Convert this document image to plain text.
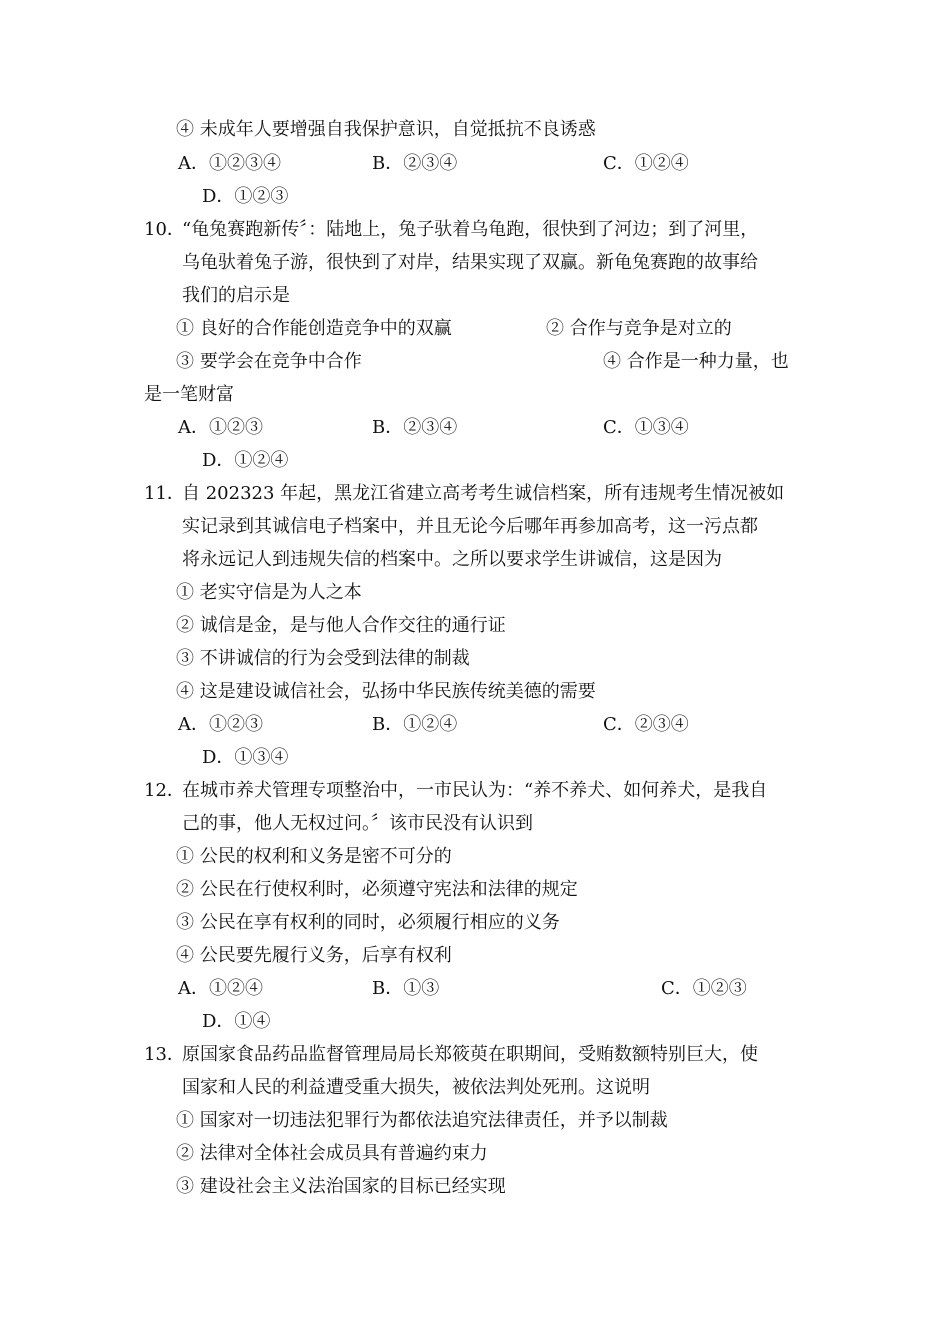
④ 未成年人要增强自我保护意识，自觉抵抗不良诱惑
A．①②③④	B．②③④	C．①②④
D．①②③
10．
“龟兔赛跑新传〞：陆地上，兔子驮着乌龟跑，很快到了河边；到了河里，
乌龟驮着兔子游，很快到了对岸，结果实现了双赢。新龟兔赛跑的故事给
我们的启示是
① 良好的合作能创造竞争中的双赢	② 合作与竞争是对立的
③ 要学会在竞争中合作	④ 合作是一种力量，也
是一笔财富
A．①②③	B．②③④	C．①③④
D．①②④
11．
自 202323 年起，黑龙江省建立高考考生诚信档案，所有违规考生情况被如
实记录到其诚信电子档案中，并且无论今后哪年再参加高考，这一污点都
将永远记人到违规失信的档案中。之所以要求学生讲诚信，这是因为
① 老实守信是为人之本
② 诚信是金，是与他人合作交往的通行证
③ 不讲诚信的行为会受到法律的制裁
④ 这是建设诚信社会，弘扬中华民族传统美德的需要
A．①②③	B．①②④	C．②③④
D．①③④
12．
在城市养犬管理专项整治中，一市民认为：“养不养犬、如何养犬，是我自
己的事，他人无权过问。〞该市民没有认识到
① 公民的权利和义务是密不可分的
② 公民在行使权利时，必须遵守宪法和法律的规定
③ 公民在享有权利的同时，必须履行相应的义务
④ 公民要先履行义务，后享有权利
A．①②④	B．①③	C．①②③
D．①④
13．
原国家食品药品监督管理局局长郑筱萸在职期间，受贿数额特别巨大，使
国家和人民的利益遭受重大损失，被依法判处死刑。这说明
① 国家对一切违法犯罪行为都依法追究法律责任，并予以制裁
② 法律对全体社会成员具有普遍约束力
③ 建设社会主义法治国家的目标已经实现
